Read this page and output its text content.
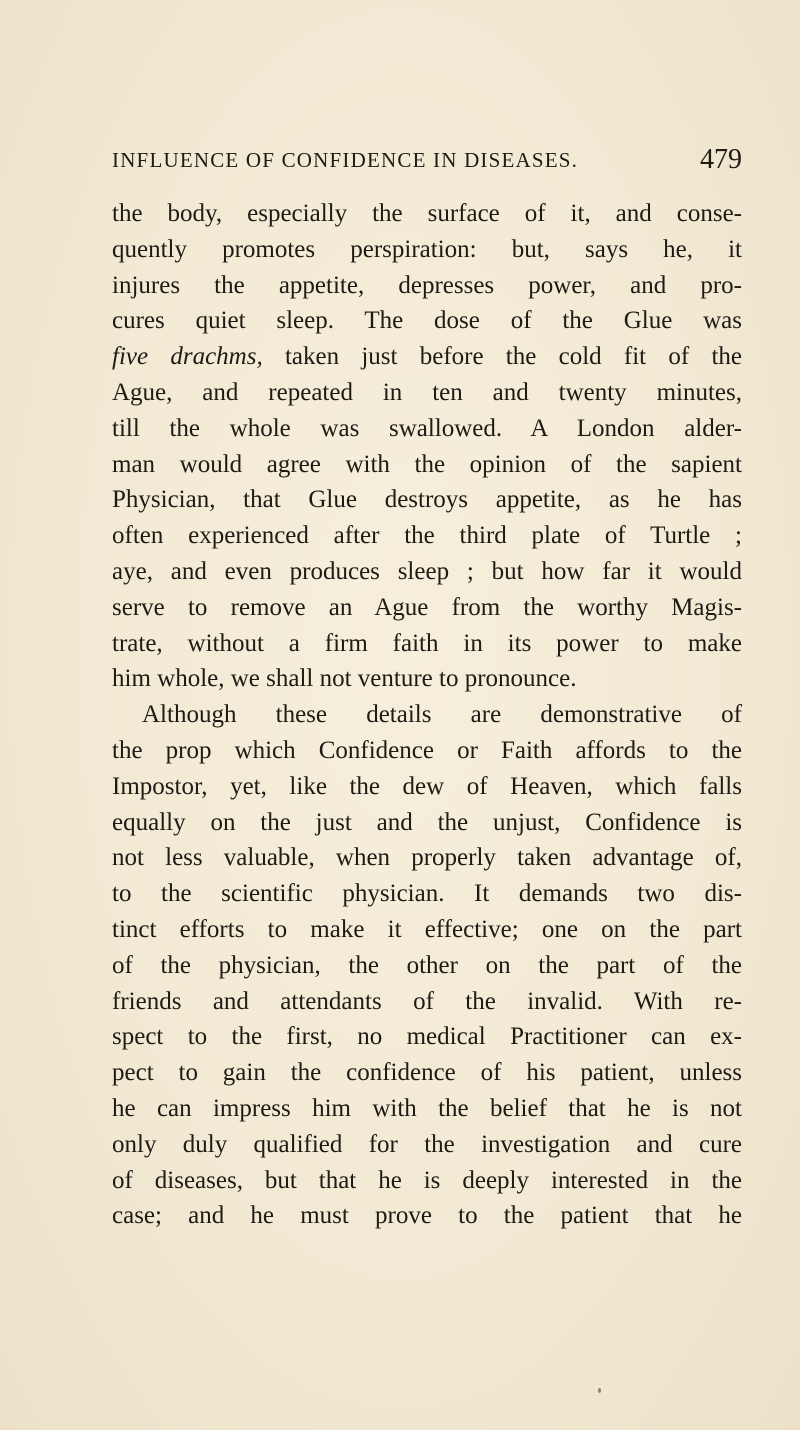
INFLUENCE OF CONFIDENCE IN DISEASES.	479
the body, especially the surface of it, and conse-
quently promotes perspiration: but, says he, it
injures the appetite, depresses power, and pro-
cures quiet sleep. The dose of the Glue was
five drachms, taken just before the cold fit of the
Ague, and repeated in ten and twenty minutes,
till the whole was swallowed. A London alder-
man would agree with the opinion of the sapient
Physician, that Glue destroys appetite, as he has
often experienced after the third plate of Turtle ;
aye, and even produces sleep ; but how far it would
serve to remove an Ague from the worthy Magis-
trate, without a firm faith in its power to make
him whole, we shall not venture to pronounce.
Although these details are demonstrative of
the prop which Confidence or Faith affords to the
Impostor, yet, like the dew of Heaven, which falls
equally on the just and the unjust, Confidence is
not less valuable, when properly taken advantage of,
to the scientific physician. It demands two dis-
tinct efforts to make it effective; one on the part
of the physician, the other on the part of the
friends and attendants of the invalid. With re-
spect to the first, no medical Practitioner can ex-
pect to gain the confidence of his patient, unless
he can impress him with the belief that he is not
only duly qualified for the investigation and cure
of diseases, but that he is deeply interested in the
case; and he must prove to the patient that he
